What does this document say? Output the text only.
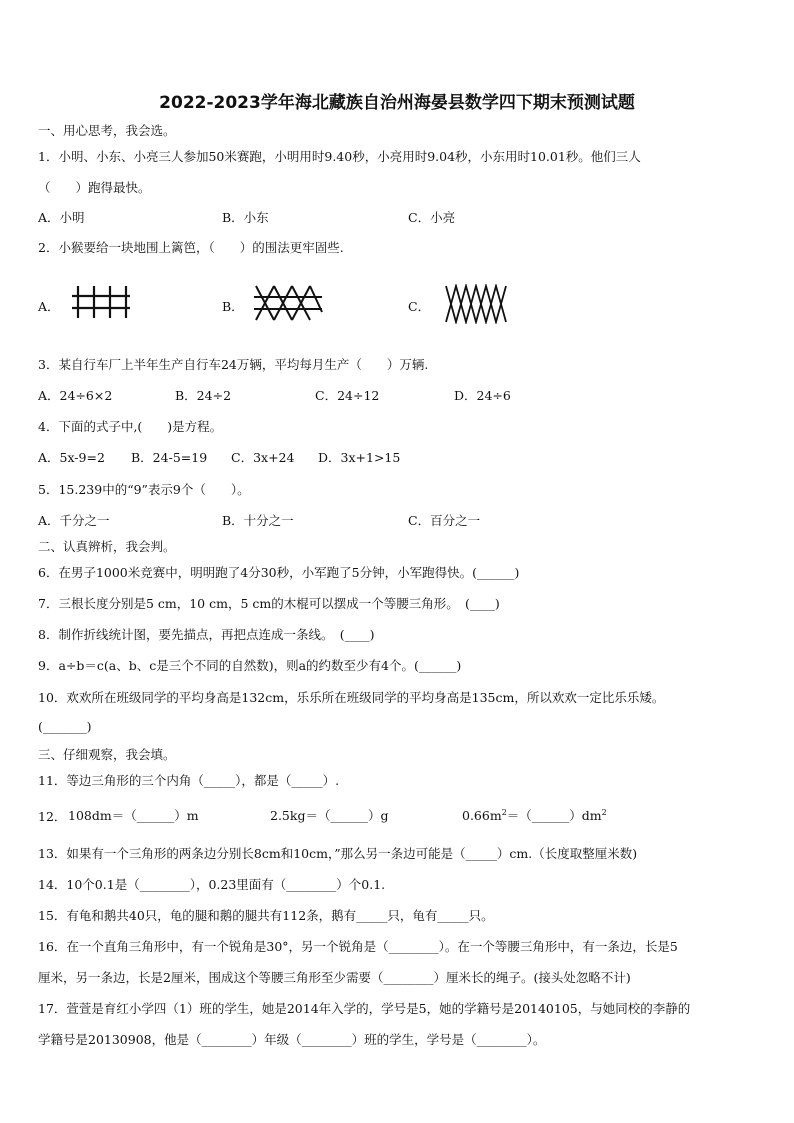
2022-2023学年海北藏族自治州海晏县数学四下期末预测试题
一、用心思考，我会选。
1．小明、小东、小亮三人参加50米赛跑，小明用时9.40秒，小亮用时9.04秒，小东用时10.01秒。他们三人
（　　）跑得最快。
A．小明	B．小东	C．小亮
2．小猴要给一块地围上篱笆，（　　）的围法更牢固些.
A．	B．	C．
3．某自行车厂上半年生产自行车24万辆，平均每月生产（　　）万辆.
A．24÷6×2	B．24÷2	C．24÷12	D．24÷6
4．下面的式子中,(　　)是方程。
A．5x-9=2 B．24-5=19 C．3x+24 D．3x+1>15
5．15.239中的“9”表示9个（　　）。
A．千分之一	B．十分之一	C．百分之一
二、认真辨析，我会判。
6．在男子1000米竞赛中，明明跑了4分30秒，小军跑了5分钟，小军跑得快。(______)
7．三根长度分别是5 cm，10 cm，5 cm的木棍可以摆成一个等腰三角形。　(____)
8．制作折线统计图，要先描点，再把点连成一条线。　(____)
9．a÷b＝c(a、b、c是三个不同的自然数)，则a的约数至少有4个。(______)
10．欢欢所在班级同学的平均身高是132cm，乐乐所在班级同学的平均身高是135cm，所以欢欢一定比乐乐矮。
(_______)
三、仔细观察，我会填。
11．等边三角形的三个内角（_____），都是（_____）.
12． 108dm＝（______）m	2.5kg＝（______）g	$0.66m^2=(\_\_\_\_\_\_)dm^2$
13．如果有一个三角形的两条边分别长8cm和10cm，”那么另一条边可能是（_____）cm.（长度取整厘米数)
14．10个0.1是（________），0.23里面有（________）个0.1.
15．有龟和鹅共40只，龟的腿和鹅的腿共有112条，鹅有_____只，龟有_____只。
16．在一个直角三角形中，有一个锐角是30°，另一个锐角是（________）。在一个等腰三角形中，有一条边，长是5
厘米，另一条边，长是2厘米，围成这个等腰三角形至少需要（________）厘米长的绳子。(接头处忽略不计)
17．萱萱是育红小学四（1）班的学生，她是2014年入学的，学号是5，她的学籍号是20140105，与她同校的李静的
学籍号是20130908，他是（________）年级（________）班的学生，学号是（________）。
